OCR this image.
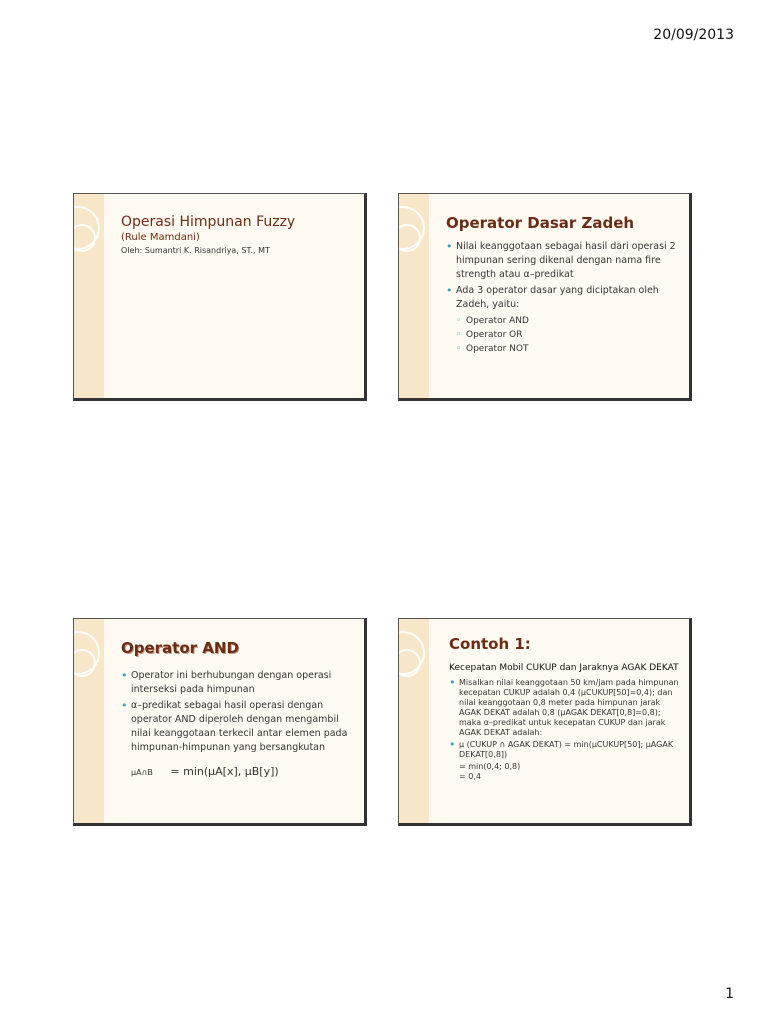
20/09/2013
Operasi Himpunan Fuzzy
(Rule Mamdani)
Oleh: Sumantri K. Risandriya, ST., MT
Operator Dasar Zadeh
• Nilai keanggotaan sebagai hasil dari operasi 2 himpunan sering dikenal dengan nama fire strength atau α–predikat
• Ada 3 operator dasar yang diciptakan oleh Zadeh, yaitu:
◦ Operator AND
◦ Operator OR
◦ Operator NOT
Operator AND
• Operator ini berhubungan dengan operasi interseksi pada himpunan
• α–predikat sebagai hasil operasi dengan operator AND diperoleh dengan mengambil nilai keanggotaan terkecil antar elemen pada himpunan-himpunan yang bersangkutan
μA∩B = min(μA[x], μB[y])
Contoh 1:
Kecepatan Mobil CUKUP dan Jaraknya AGAK DEKAT
• Misalkan nilai keanggotaan 50 km/jam pada himpunan kecepatan CUKUP adalah 0,4 (μCUKUP[50]=0,4); dan nilai keanggotaan 0,8 meter pada himpunan jarak AGAK DEKAT adalah 0,8 (μAGAK DEKAT[0,8]=0,8); maka α–predikat untuk kecepatan CUKUP dan jarak AGAK DEKAT adalah:
• μ (CUKUP ∩ AGAK DEKAT) = min(μCUKUP[50]; μAGAK DEKAT[0,8])
= min(0,4; 0,8)
= 0,4
1
